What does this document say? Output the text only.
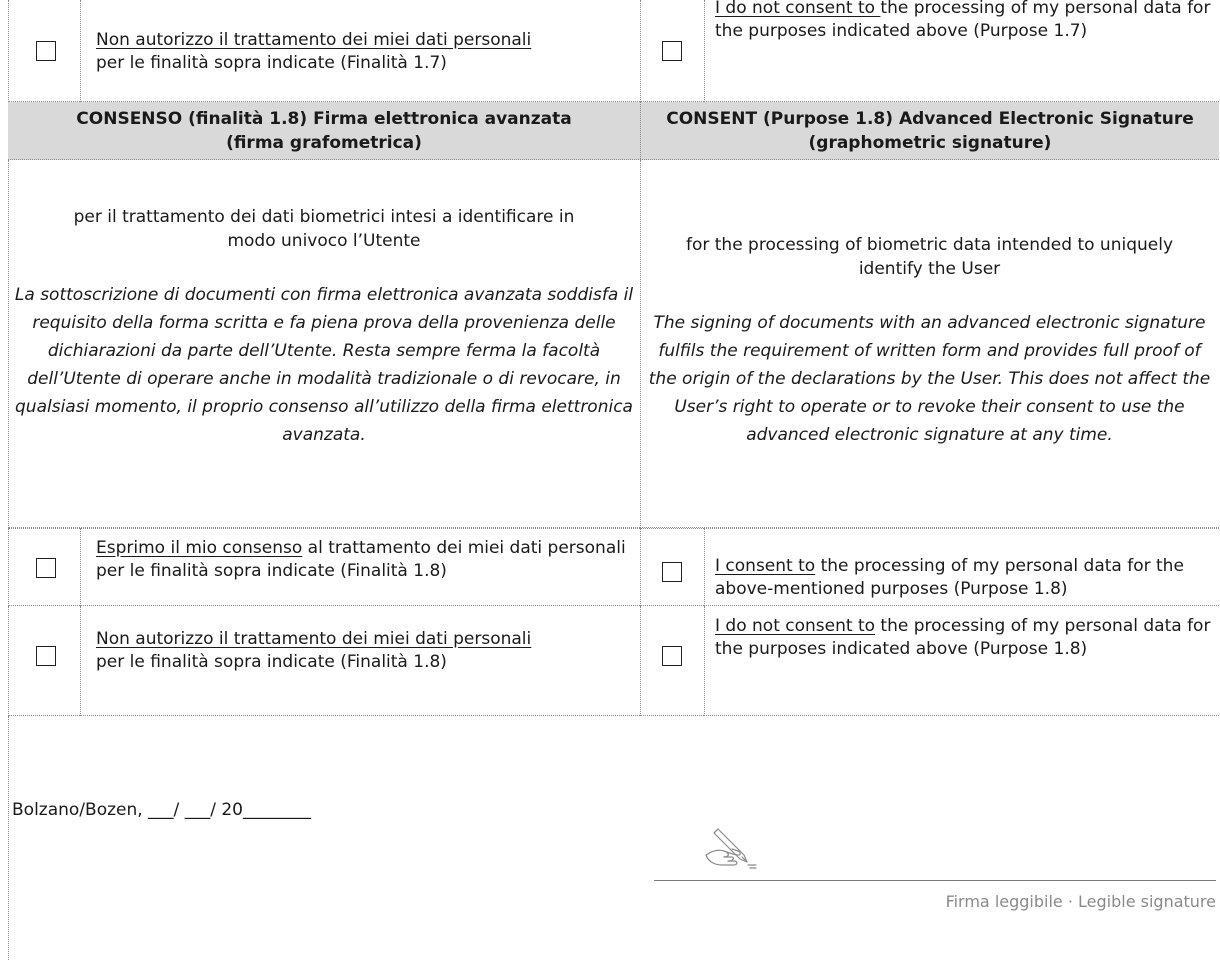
Non autorizzo il trattamento dei miei dati personali
per le finalità sopra indicate (Finalità 1.7)
I do not consent to the processing of my personal data for the purposes indicated above (Purpose 1.7)
CONSENSO (finalità 1.8) Firma elettronica avanzata
(firma grafometrica)
CONSENT (Purpose 1.8) Advanced Electronic Signature
(graphometric signature)

per il trattamento dei dati biometrici intesi a identificare in modo univoco l’Utente

La sottoscrizione di documenti con firma elettronica avanzata soddisfa il requisito della forma scritta e fa piena prova della provenienza delle dichiarazioni da parte dell’Utente. Resta sempre ferma la facoltà dell’Utente di operare anche in modalità tradizionale o di revocare, in qualsiasi momento, il proprio consenso all’utilizzo della firma elettronica avanzata.

for the processing of biometric data intended to uniquely identify the User

The signing of documents with an advanced electronic signature fulfils the requirement of written form and provides full proof of the origin of the declarations by the User. This does not affect the User’s right to operate or to revoke their consent to use the advanced electronic signature at any time.

Esprimo il mio consenso al trattamento dei miei dati personali per le finalità sopra indicate (Finalità 1.8)	I consent to the processing of my personal data for the above-mentioned purposes (Purpose 1.8)
Non autorizzo il trattamento dei miei dati personali
per le finalità sopra indicate (Finalità 1.8)
I do not consent to the processing of my personal data for the purposes indicated above (Purpose 1.8)
Bolzano/Bozen, ___/ ___/ 20________
Firma leggibile · Legible signature
